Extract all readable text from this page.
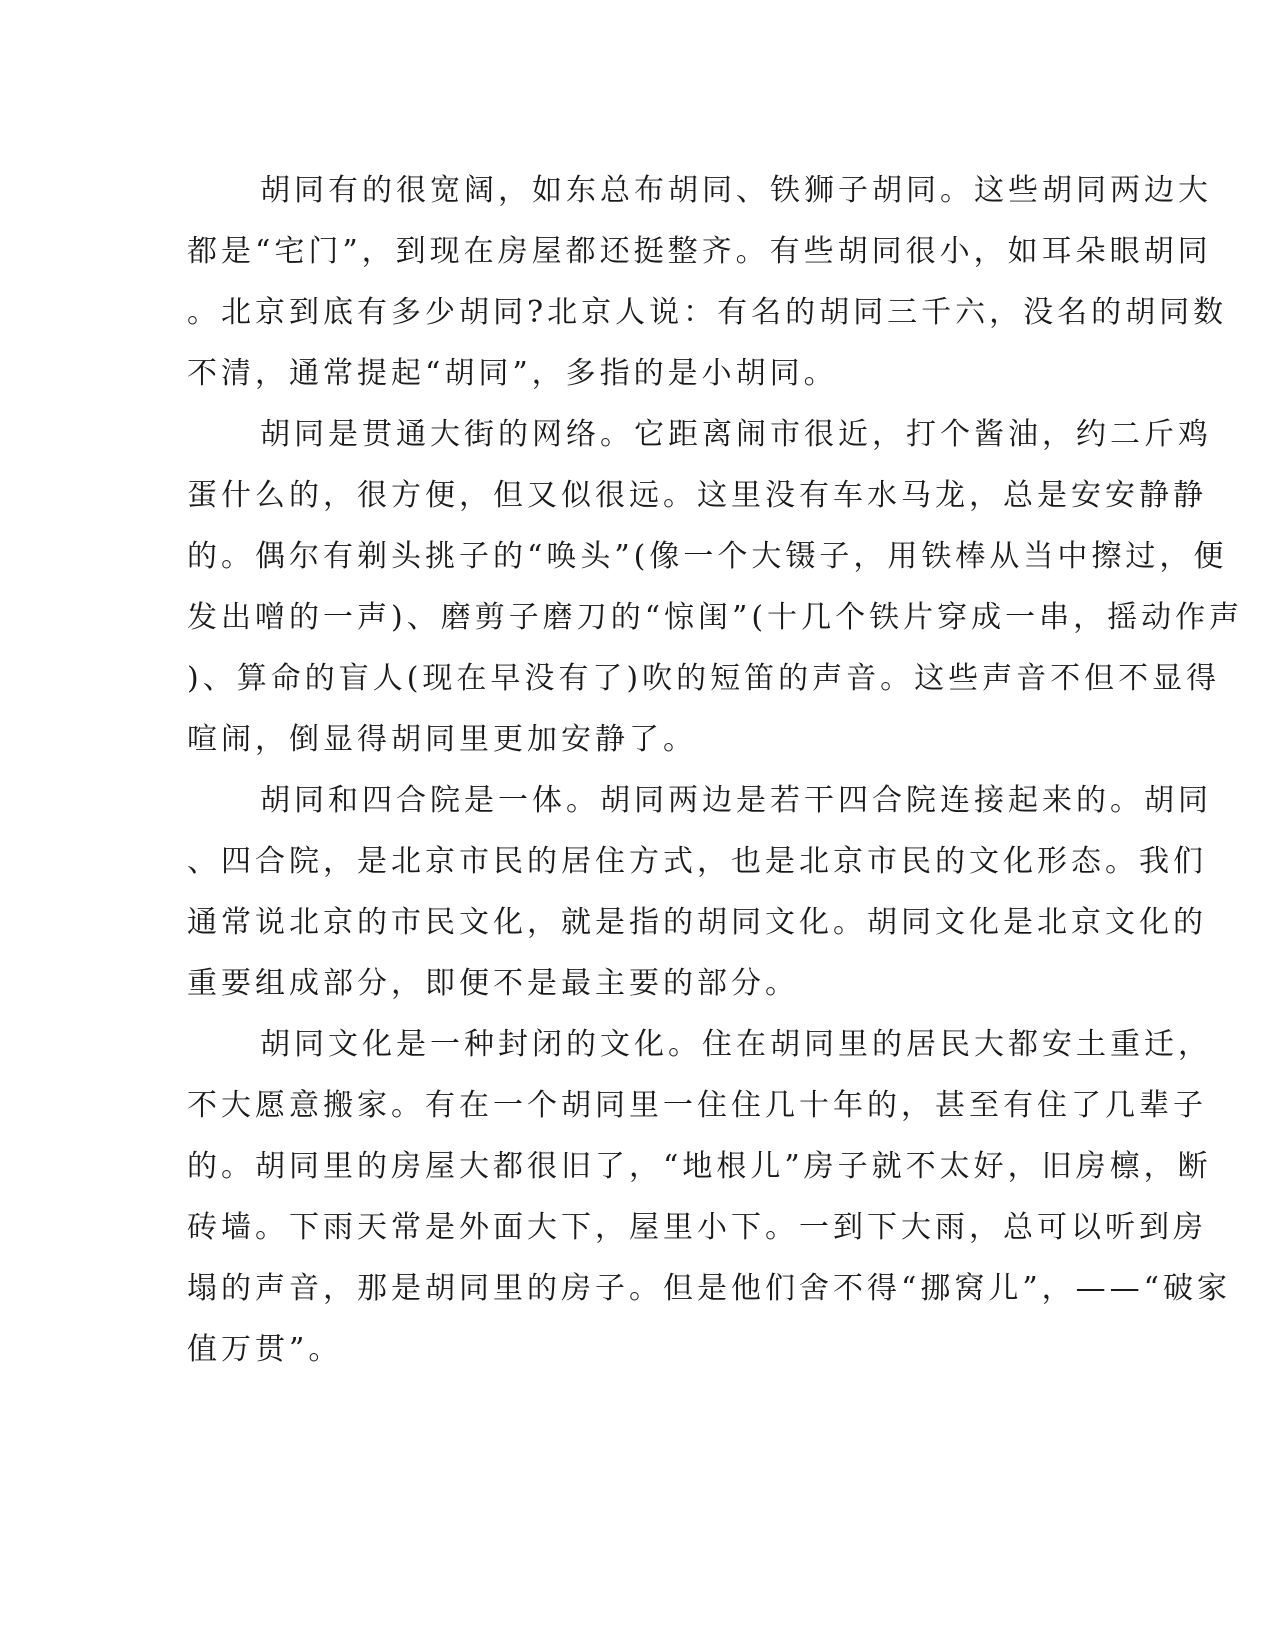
胡同有的很宽阔，如东总布胡同、铁狮子胡同。这些胡同两边大
都是“宅门”，到现在房屋都还挺整齐。有些胡同很小，如耳朵眼胡同
。北京到底有多少胡同?北京人说：有名的胡同三千六，没名的胡同数
不清，通常提起“胡同”，多指的是小胡同。
胡同是贯通大街的网络。它距离闹市很近，打个酱油，约二斤鸡
蛋什么的，很方便，但又似很远。这里没有车水马龙，总是安安静静
的。偶尔有剃头挑子的“唤头”(像一个大镊子，用铁棒从当中擦过，便
发出噌的一声)、磨剪子磨刀的“惊闺”(十几个铁片穿成一串，摇动作声
)、算命的盲人(现在早没有了)吹的短笛的声音。这些声音不但不显得
喧闹，倒显得胡同里更加安静了。
胡同和四合院是一体。胡同两边是若干四合院连接起来的。胡同
、四合院，是北京市民的居住方式，也是北京市民的文化形态。我们
通常说北京的市民文化，就是指的胡同文化。胡同文化是北京文化的
重要组成部分，即便不是最主要的部分。
胡同文化是一种封闭的文化。住在胡同里的居民大都安土重迁，
不大愿意搬家。有在一个胡同里一住住几十年的，甚至有住了几辈子
的。胡同里的房屋大都很旧了，“地根儿”房子就不太好，旧房檩，断
砖墙。下雨天常是外面大下，屋里小下。一到下大雨，总可以听到房
塌的声音，那是胡同里的房子。但是他们舍不得“挪窝儿”，——“破家
值万贯”。
